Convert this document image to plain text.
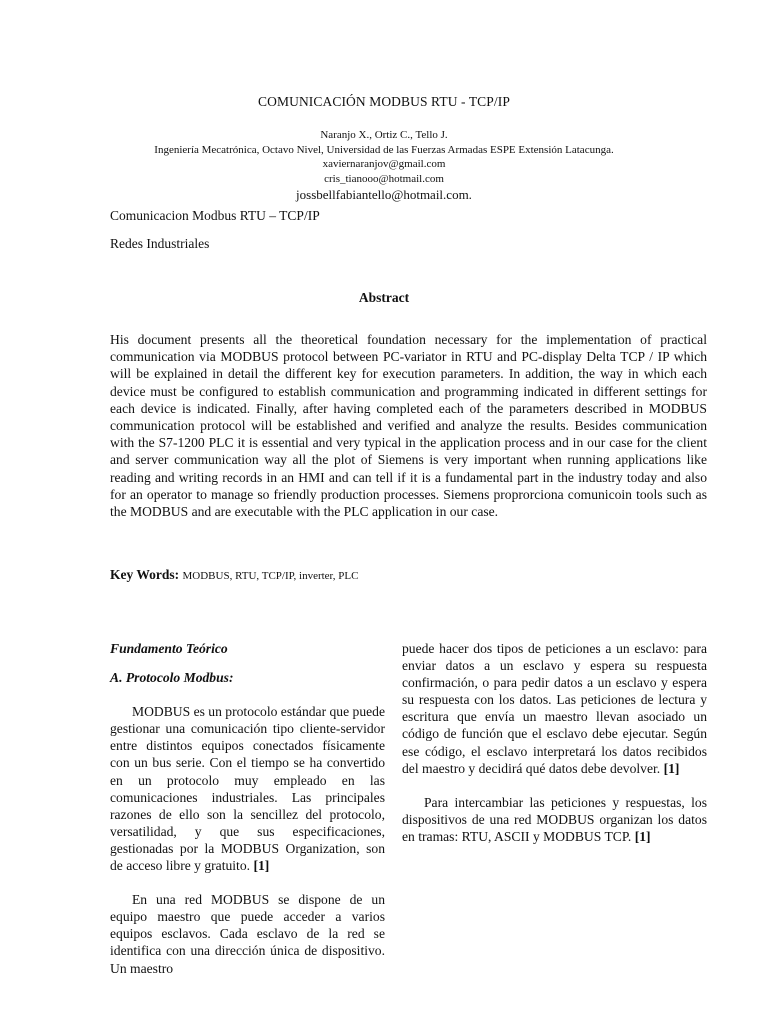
COMUNICACIÓN MODBUS RTU - TCP/IP
Naranjo X., Ortiz C., Tello J.
Ingeniería Mecatrónica, Octavo Nivel, Universidad de las Fuerzas Armadas ESPE Extensión Latacunga.
xaviernaranjov@gmail.com
cris_tianooo@hotmail.com
jossbellfabiantello@hotmail.com.
Comunicacion Modbus RTU – TCP/IP
Redes Industriales
Abstract
His document presents all the theoretical foundation necessary for the implementation of practical communication via MODBUS protocol between PC-variator in RTU and PC-display Delta TCP / IP which will be explained in detail the different key for execution parameters. In addition, the way in which each device must be configured to establish communication and programming indicated in different settings for each device is indicated. Finally, after having completed each of the parameters described in MODBUS communication protocol will be established and verified and analyze the results. Besides communication with the S7-1200 PLC it is essential and very typical in the application process and in our case for the client and server communication way all the plot of Siemens is very important when running applications like reading and writing records in an HMI and can tell if it is a fundamental part in the industry today and also for an operator to manage so friendly production processes. Siemens proprorciona comunicoin tools such as the MODBUS and are executable with the PLC application in our case.
Key Words: MODBUS, RTU, TCP/IP, inverter, PLC
Fundamento Teórico
A. Protocolo Modbus:

MODBUS es un protocolo estándar que puede gestionar una comunicación tipo cliente-servidor entre distintos equipos conectados físicamente con un bus serie. Con el tiempo se ha convertido en un protocolo muy empleado en las comunicaciones industriales. Las principales razones de ello son la sencillez del protocolo, versatilidad, y que sus especificaciones, gestionadas por la MODBUS Organization, son de acceso libre y gratuito. [1]

En una red MODBUS se dispone de un equipo maestro que puede acceder a varios equipos esclavos. Cada esclavo de la red se identifica con una dirección única de dispositivo. Un maestro

puede hacer dos tipos de peticiones a un esclavo: para enviar datos a un esclavo y espera su respuesta confirmación, o para pedir datos a un esclavo y espera su respuesta con los datos. Las peticiones de lectura y escritura que envía un maestro llevan asociado un código de función que el esclavo debe ejecutar. Según ese código, el esclavo interpretará los datos recibidos del maestro y decidirá qué datos debe devolver. [1]

Para intercambiar las peticiones y respuestas, los dispositivos de una red MODBUS organizan los datos en tramas: RTU, ASCII y MODBUS TCP. [1]
